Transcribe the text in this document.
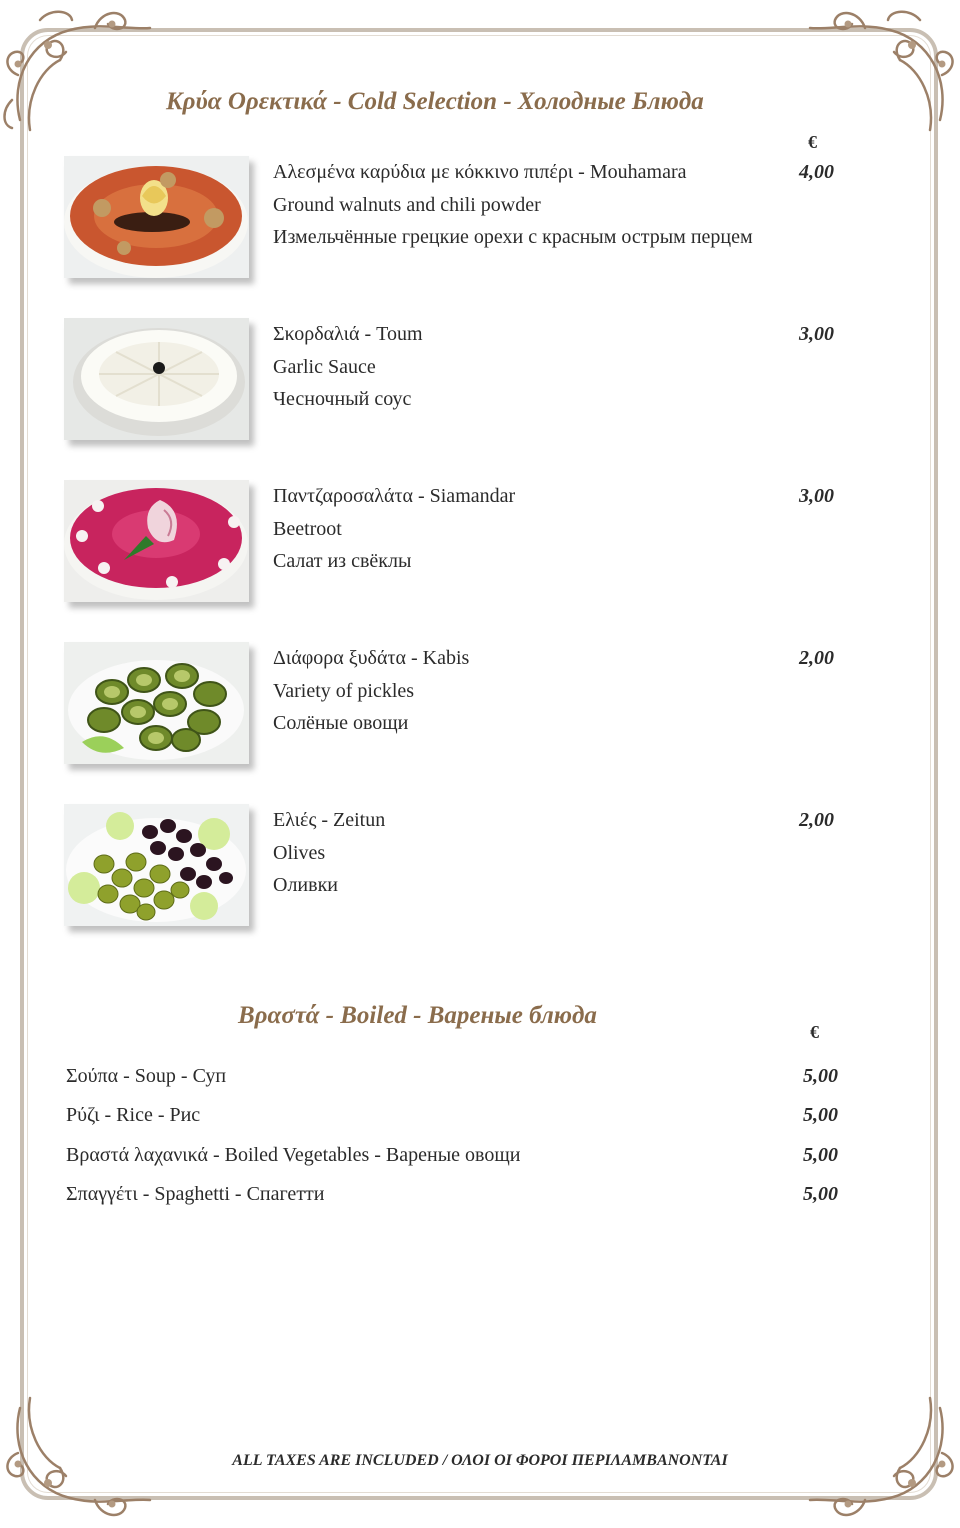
Κρύα Ορεκτικά - Cold Selection - Холодные Блюда
€
Αλεσμένα καρύδια με κόκκινο πιπέρι - Mouhamara
Ground walnuts and chili powder
Измельчённые грецкие орехи с красным острым перцем
4,00
Σκορδαλιά - Toum
Garlic Sauce
Чесночный соус
3,00
Παντζαροσαλάτα - Siamandar
Beetroot
Салат из свёклы
3,00
Διάφορα ξυδάτα - Kabis
Variety of pickles
Солёные овощи
2,00
Ελιές - Zeitun
Olives
Оливки
2,00
Βραστά - Boiled - Вареные блюда
€
Σούπα - Soup - Суп	5,00
Ρύζι - Rice - Рис	5,00
Βραστά λαχανικά - Boiled Vegetables - Вареные овощи	5,00
Σπαγγέτι - Spaghetti - Спагетти	5,00
ALL TAXES ARE INCLUDED / ΟΛΟΙ ΟΙ ΦΟΡΟΙ ΠΕΡΙΛΑΜΒΑΝΟΝΤΑΙ
